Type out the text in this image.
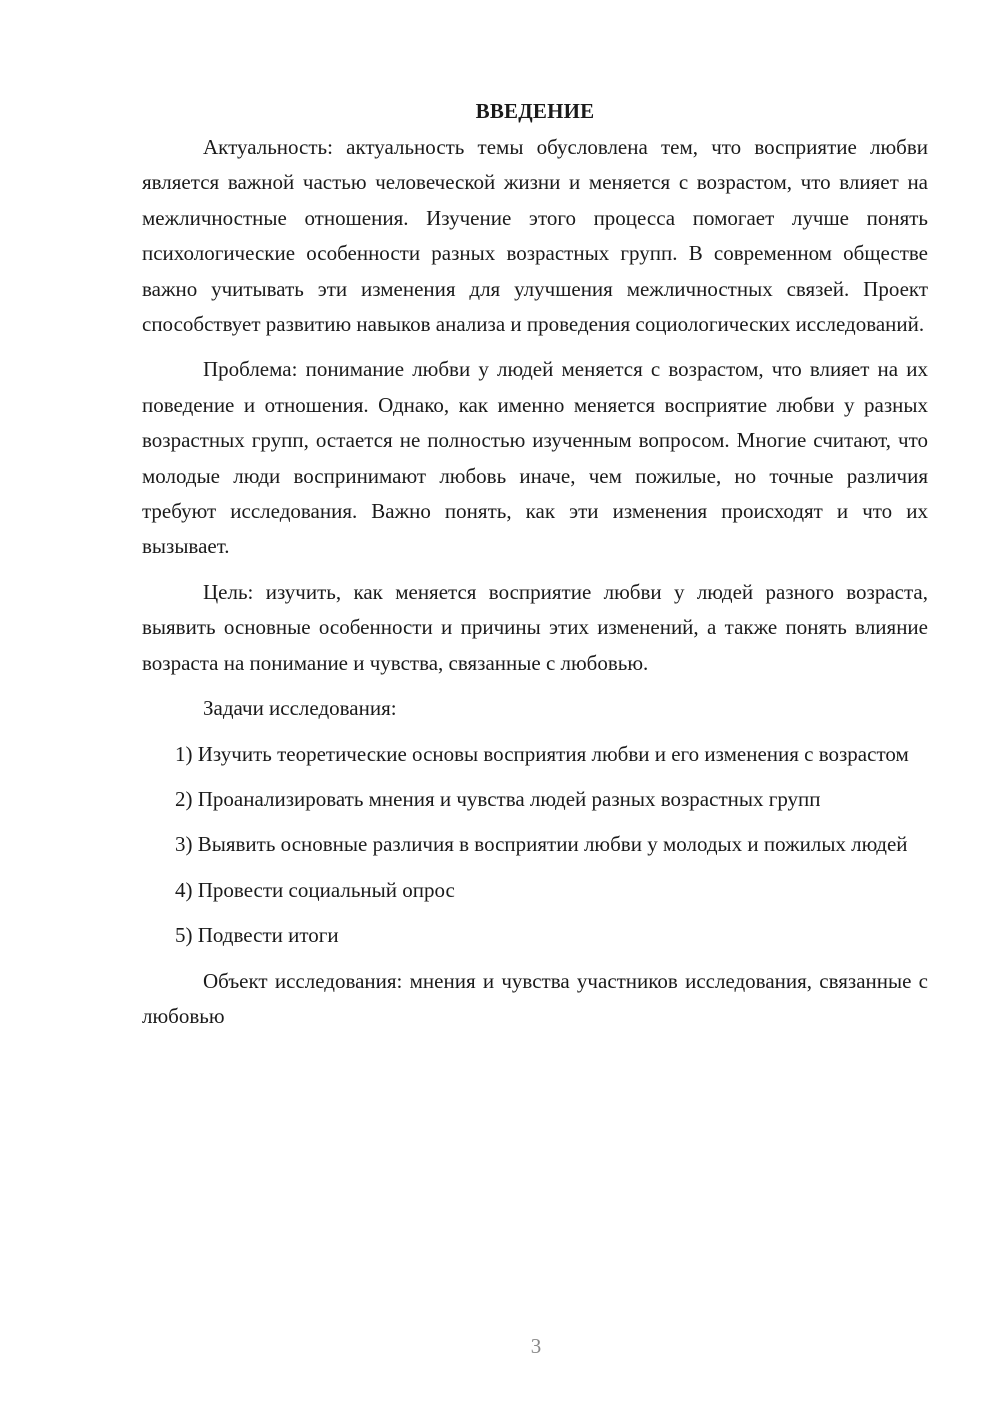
ВВЕДЕНИЕ

Актуальность: актуальность темы обусловлена тем, что восприятие любви является важной частью человеческой жизни и меняется с возрастом, что влияет на межличностные отношения. Изучение этого процесса помогает лучше понять психологические особенности разных возрастных групп. В современном обществе важно учитывать эти изменения для улучшения межличностных связей. Проект способствует развитию навыков анализа и проведения социологических исследований.

Проблема: понимание любви у людей меняется с возрастом, что влияет на их поведение и отношения. Однако, как именно меняется восприятие любви у разных возрастных групп, остается не полностью изученным вопросом. Многие считают, что молодые люди воспринимают любовь иначе, чем пожилые, но точные различия требуют исследования. Важно понять, как эти изменения происходят и что их вызывает.

Цель: изучить, как меняется восприятие любви у людей разного возраста, выявить основные особенности и причины этих изменений, а также понять влияние возраста на понимание и чувства, связанные с любовью.

Задачи исследования:

1) Изучить теоретические основы восприятия любви и его изменения с возрастом

2) Проанализировать мнения и чувства людей разных возрастных групп

3) Выявить основные различия в восприятии любви у молодых и пожилых людей

4) Провести социальный опрос

5) Подвести итоги

Объект исследования: мнения и чувства участников исследования, связанные с любовью

3
